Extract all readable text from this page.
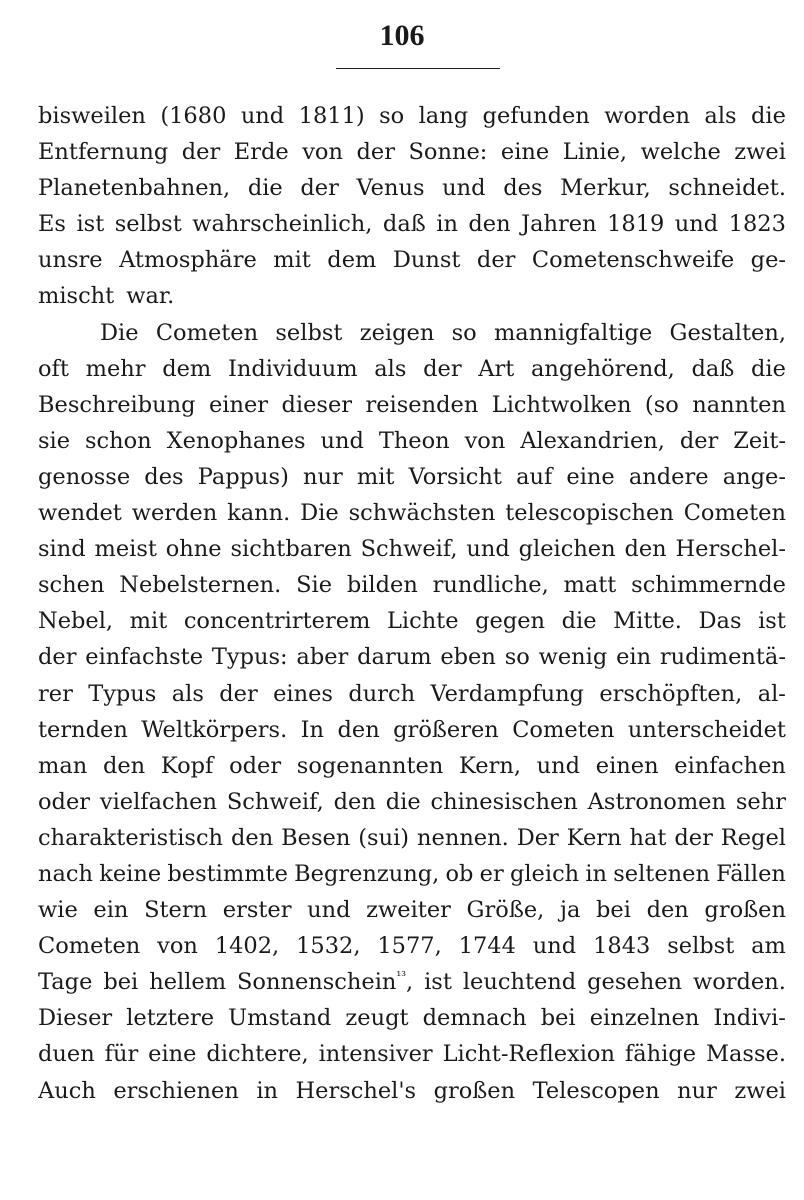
106
bisweilen (1680 und 1811) so lang gefunden worden als die
Entfernung der Erde von der Sonne: eine Linie, welche zwei
Planetenbahnen, die der Venus und des Merkur, schneidet.
Es ist selbst wahrscheinlich, daß in den Jahren 1819 und 1823
unsre Atmosphäre mit dem Dunst der Cometenschweife ge-
mischt war.
Die Cometen selbst zeigen so mannigfaltige Gestalten,
oft mehr dem Individuum als der Art angehörend, daß die
Beschreibung einer dieser reisenden Lichtwolken (so nannten
sie schon Xenophanes und Theon von Alexandrien, der Zeit-
genosse des Pappus) nur mit Vorsicht auf eine andere ange-
wendet werden kann. Die schwächsten telescopischen Cometen
sind meist ohne sichtbaren Schweif, und gleichen den Herschel-
schen Nebelsternen. Sie bilden rundliche, matt schimmernde
Nebel, mit concentrirterem Lichte gegen die Mitte. Das ist
der einfachste Typus: aber darum eben so wenig ein rudimentä-
rer Typus als der eines durch Verdampfung erschöpften, al-
ternden Weltkörpers. In den größeren Cometen unterscheidet
man den Kopf oder sogenannten Kern, und einen einfachen
oder vielfachen Schweif, den die chinesischen Astronomen sehr
charakteristisch den Besen (sui) nennen. Der Kern hat der Regel
nach keine bestimmte Begrenzung, ob er gleich in seltenen Fällen
wie ein Stern erster und zweiter Größe, ja bei den großen
Cometen von 1402, 1532, 1577, 1744 und 1843 selbst am
Tage bei hellem Sonnenschein$^{^{13}}$, ist leuchtend gesehen worden.
Dieser letztere Umstand zeugt demnach bei einzelnen Indivi-
duen für eine dichtere, intensiver Licht-Reflexion fähige Masse.
Auch erschienen in Herschel's großen Telescopen nur zwei
